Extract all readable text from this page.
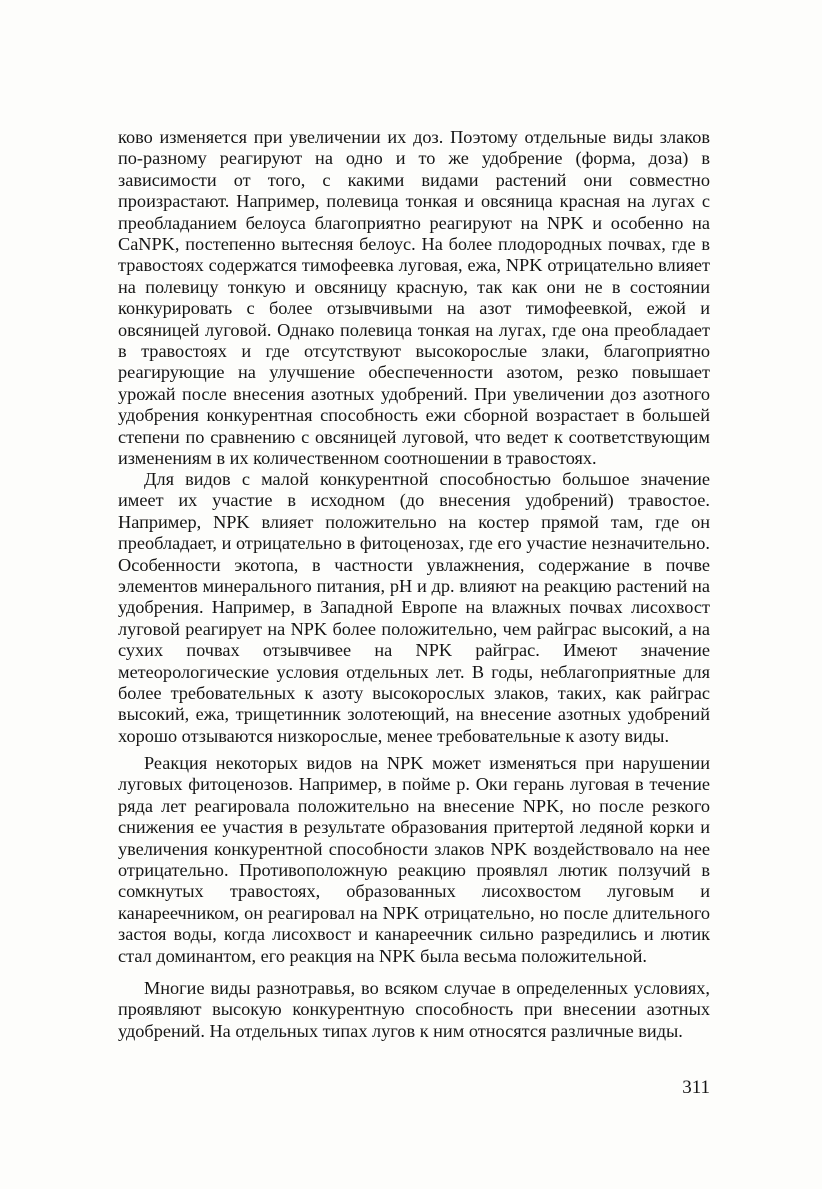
ково изменяется при увеличении их доз. Поэтому отдельные виды злаков по-разному реагируют на одно и то же удобрение (форма, доза) в зависимости от того, с какими видами растений они совместно произрастают. Например, полевица тонкая и овсяница красная на лугах с преобладанием белоуса благоприятно реагируют на NPK и особенно на CaNPK, постепенно вытесняя белоус. На более плодородных почвах, где в травостоях содержатся тимофеевка луговая, ежа, NPK отрицательно влияет на полевицу тонкую и овсяницу красную, так как они не в состоянии конкурировать с более отзывчивыми на азот тимофеевкой, ежой и овсяницей луговой. Однако полевица тонкая на лугах, где она преобладает в травостоях и где отсутствуют высокорослые злаки, благоприятно реагирующие на улучшение обеспеченности азотом, резко повышает урожай после внесения азотных удобрений. При увеличении доз азотного удобрения конкурентная способность ежи сборной возрастает в большей степени по сравнению с овсяницей луговой, что ведет к соответствующим изменениям в их количественном соотношении в травостоях.

Для видов с малой конкурентной способностью большое значение имеет их участие в исходном (до внесения удобрений) травостое. Например, NPK влияет положительно на костер прямой там, где он преобладает, и отрицательно в фитоценозах, где его участие незначительно. Особенности экотопа, в частности увлажнения, содержание в почве элементов минерального питания, pH и др. влияют на реакцию растений на удобрения. Например, в Западной Европе на влажных почвах лисохвост луговой реагирует на NPK более положительно, чем райграс высокий, а на сухих почвах отзывчивее на NPK райграс. Имеют значение метеорологические условия отдельных лет. В годы, неблагоприятные для более требовательных к азоту высокорослых злаков, таких, как райграс высокий, ежа, трищетинник золотеющий, на внесение азотных удобрений хорошо отзываются низкорослые, менее требовательные к азоту виды.

Реакция некоторых видов на NPK может изменяться при нарушении луговых фитоценозов. Например, в пойме р. Оки герань луговая в течение ряда лет реагировала положительно на внесение NPK, но после резкого снижения ее участия в результате образования притертой ледяной корки и увеличения конкурентной способности злаков NPK воздействовало на нее отрицательно. Противоположную реакцию проявлял лютик ползучий в сомкнутых травостоях, образованных лисохвостом луговым и канареечником, он реагировал на NPK отрицательно, но после длительного застоя воды, когда лисохвост и канареечник сильно разредились и лютик стал доминантом, его реакция на NPK была весьма положительной.

Многие виды разнотравья, во всяком случае в определенных условиях, проявляют высокую конкурентную способность при внесении азотных удобрений. На отдельных типах лугов к ним относятся различные виды.

311
